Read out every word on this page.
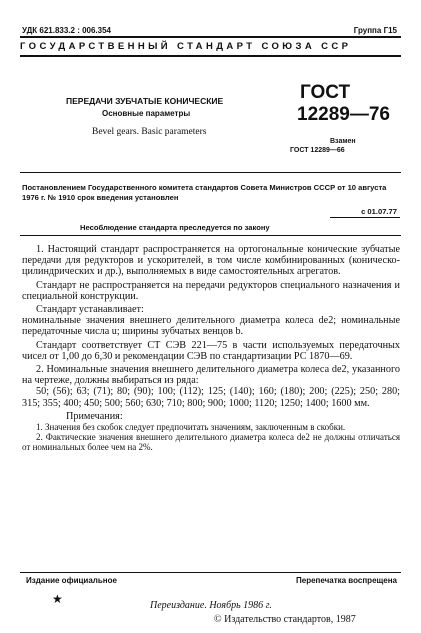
УДК 621.833.2 : 006.354	Группа Г15
ГОСУДАРСТВЕННЫЙ СТАНДАРТ СОЮЗА ССР
ПЕРЕДАЧИ ЗУБЧАТЫЕ КОНИЧЕСКИЕ
Основные параметры
Bevel gears. Basic parameters
ГОСТ
12289—76
Взамен
ГОСТ 12289—66
Постановлением Государственного комитета стандартов Совета Министров СССР от 10 августа 1976 г. № 1910 срок введения установлен
с 01.07.77
Несоблюдение стандарта преследуется по закону

1. Настоящий стандарт распространяется на ортогональные конические зубчатые передачи для редукторов и ускорителей, в том числе комбинированных (коническо-цилиндрических и др.), выполняемых в виде самостоятельных агрегатов.

Стандарт не распространяется на передачи редукторов специального назначения и специальной конструкции.

Стандарт устанавливает:

номинальные значения внешнего делительного диаметра колеса de2; номинальные передаточные числа u; ширины зубчатых венцов b.

Стандарт соответствует СТ СЭВ 221—75 в части используемых передаточных чисел от 1,00 до 6,30 и рекомендации СЭВ по стандартизации РС 1870—69.

2. Номинальные значения внешнего делительного диаметра колеса de2, указанного на чертеже, должны выбираться из ряда:

50; (56); 63; (71); 80; (90); 100; (112); 125; (140); 160; (180); 200; (225); 250; 280; 315; 355; 400; 450; 500; 560; 630; 710; 800; 900; 1000; 1120; 1250; 1400; 1600 мм.

Примечания:

1. Значения без скобок следует предпочитать значениям, заключенным в скобки.

2. Фактические значения внешнего делительного диаметра колеса de2 не должны отличаться от номинальных более чем на 2%.

Издание официальное	Перепечатка воспрещена
★	Переиздание. Ноябрь 1986 г.
© Издательство стандартов, 1987
